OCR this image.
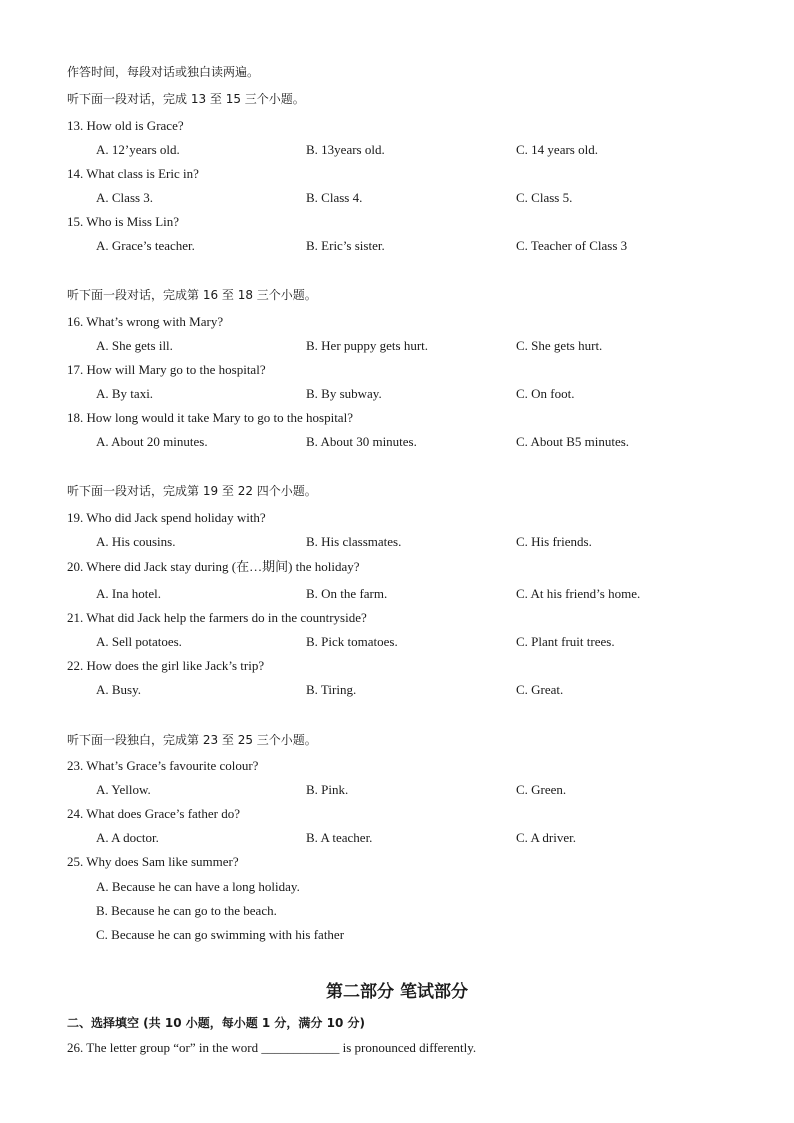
作答时间，每段对话或独白读两遍。
听下面一段对话，完成 13 至 15 三个小题。
13. How old is Grace?
A. 12’years old.	B. 13years old.	C. 14 years old.
14. What class is Eric in?
A. Class 3.	B. Class 4.	C. Class 5.
15. Who is Miss Lin?
A. Grace’s teacher.	B. Eric’s sister.	C. Teacher of Class 3
听下面一段对话，完成第 16 至 18 三个小题。
16. What’s wrong with Mary?
A. She gets ill.	B. Her puppy gets hurt.	C. She gets hurt.
17. How will Mary go to the hospital?
A. By taxi.	B. By subway.	C. On foot.
18. How long would it take Mary to go to the hospital?
A. About 20 minutes.	B. About 30 minutes.	C. About B5 minutes.
听下面一段对话，完成第 19 至 22 四个小题。
19. Who did Jack spend holiday with?
A. His cousins.	B. His classmates.	C. His friends.
20. Where did Jack stay during (在…期间) the holiday?
A. Ina hotel.	B. On the farm.	C. At his friend’s home.
21. What did Jack help the farmers do in the countryside?
A. Sell potatoes.	B. Pick tomatoes.	C. Plant fruit trees.
22. How does the girl like Jack’s trip?
A. Busy.	B. Tiring.	C. Great.
听下面一段独白，完成第 23 至 25 三个小题。
23. What’s Grace’s favourite colour?
A. Yellow.	B. Pink.	C. Green.
24. What does Grace’s father do?
A. A doctor.	B. A teacher.	C. A driver.
25. Why does Sam like summer?
A. Because he can have a long holiday.
B. Because he can go to the beach.
C. Because he can go swimming with his father
第二部分 笔试部分
二、选择填空 (共 10 小题，每小题 1 分，满分 10 分)
26. The letter group “or” in the word ____________ is pronounced differently.
